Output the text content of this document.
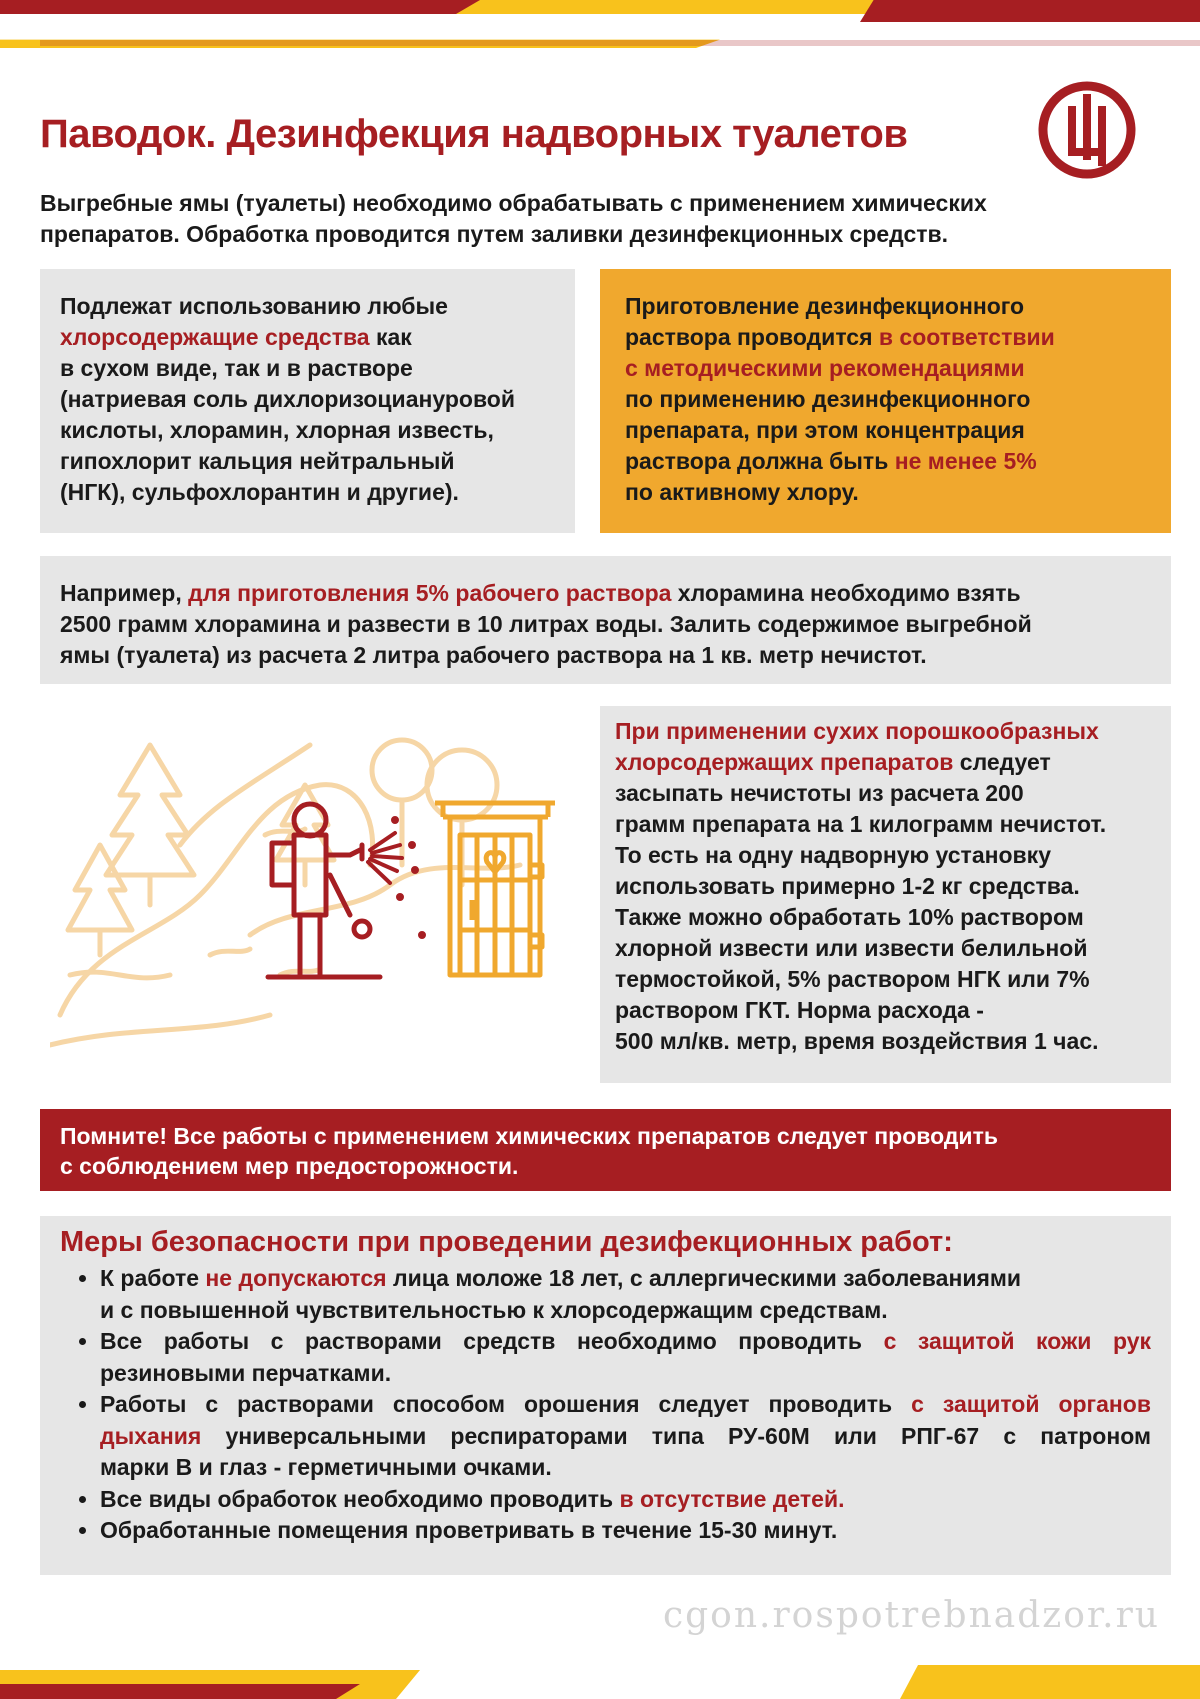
Паводок. Дезинфекция надворных туалетов
Выгребные ямы (туалеты) необходимо обрабатывать с применением химических
препаратов. Обработка проводится путем заливки дезинфекционных средств.
Подлежат использованию любые
хлорсодержащие средства как
в сухом виде, так и в растворе
(натриевая соль дихлоризоциануровой
кислоты, хлорамин, хлорная известь,
гипохлорит кальция нейтральный
(НГК), сульфохлорантин и другие).
Приготовление дезинфекционного
раствора проводится в соответствии
с методическими рекомендациями
по применению дезинфекционного
препарата, при этом концентрация
раствора должна быть не менее 5%
по активному хлору.
Например, для приготовления 5% рабочего раствора хлорамина необходимо взять
2500 грамм хлорамина и развести в 10 литрах воды. Залить содержимое выгребной
ямы (туалета) из расчета 2 литра рабочего раствора на 1 кв. метр нечистот.
При применении сухих порошкообразных
хлорсодержащих препаратов следует
засыпать нечистоты из расчета 200
грамм препарата на 1 килограмм нечистот.
То есть на одну надворную установку
использовать примерно 1-2 кг средства.
Также можно обработать 10% раствором
хлорной извести или извести белильной
термостойкой, 5% раствором НГК или 7%
раствором ГКТ. Норма расхода -
500 мл/кв. метр, время воздействия 1 час.
Помните! Все работы с применением химических препаратов следует проводить
с соблюдением мер предосторожности.
Меры безопасности при проведении дезифекционных работ:
• К работе не допускаются лица моложе 18 лет, с аллергическими заболеваниями
и с повышенной чувствительностью к хлорсодержащим средствам.
• Все работы с растворами средств необходимо проводить с защитой кожи рук
резиновыми перчатками.
• Работы с растворами способом орошения следует проводить с защитой органов
дыхания универсальными респираторами типа РУ-60М или РПГ-67 с патроном
марки В и глаз - герметичными очками.
• Все виды обработок необходимо проводить в отсутствие детей.
• Обработанные помещения проветривать в течение 15-30 минут.
cgon.rospotrebnadzor.ru
